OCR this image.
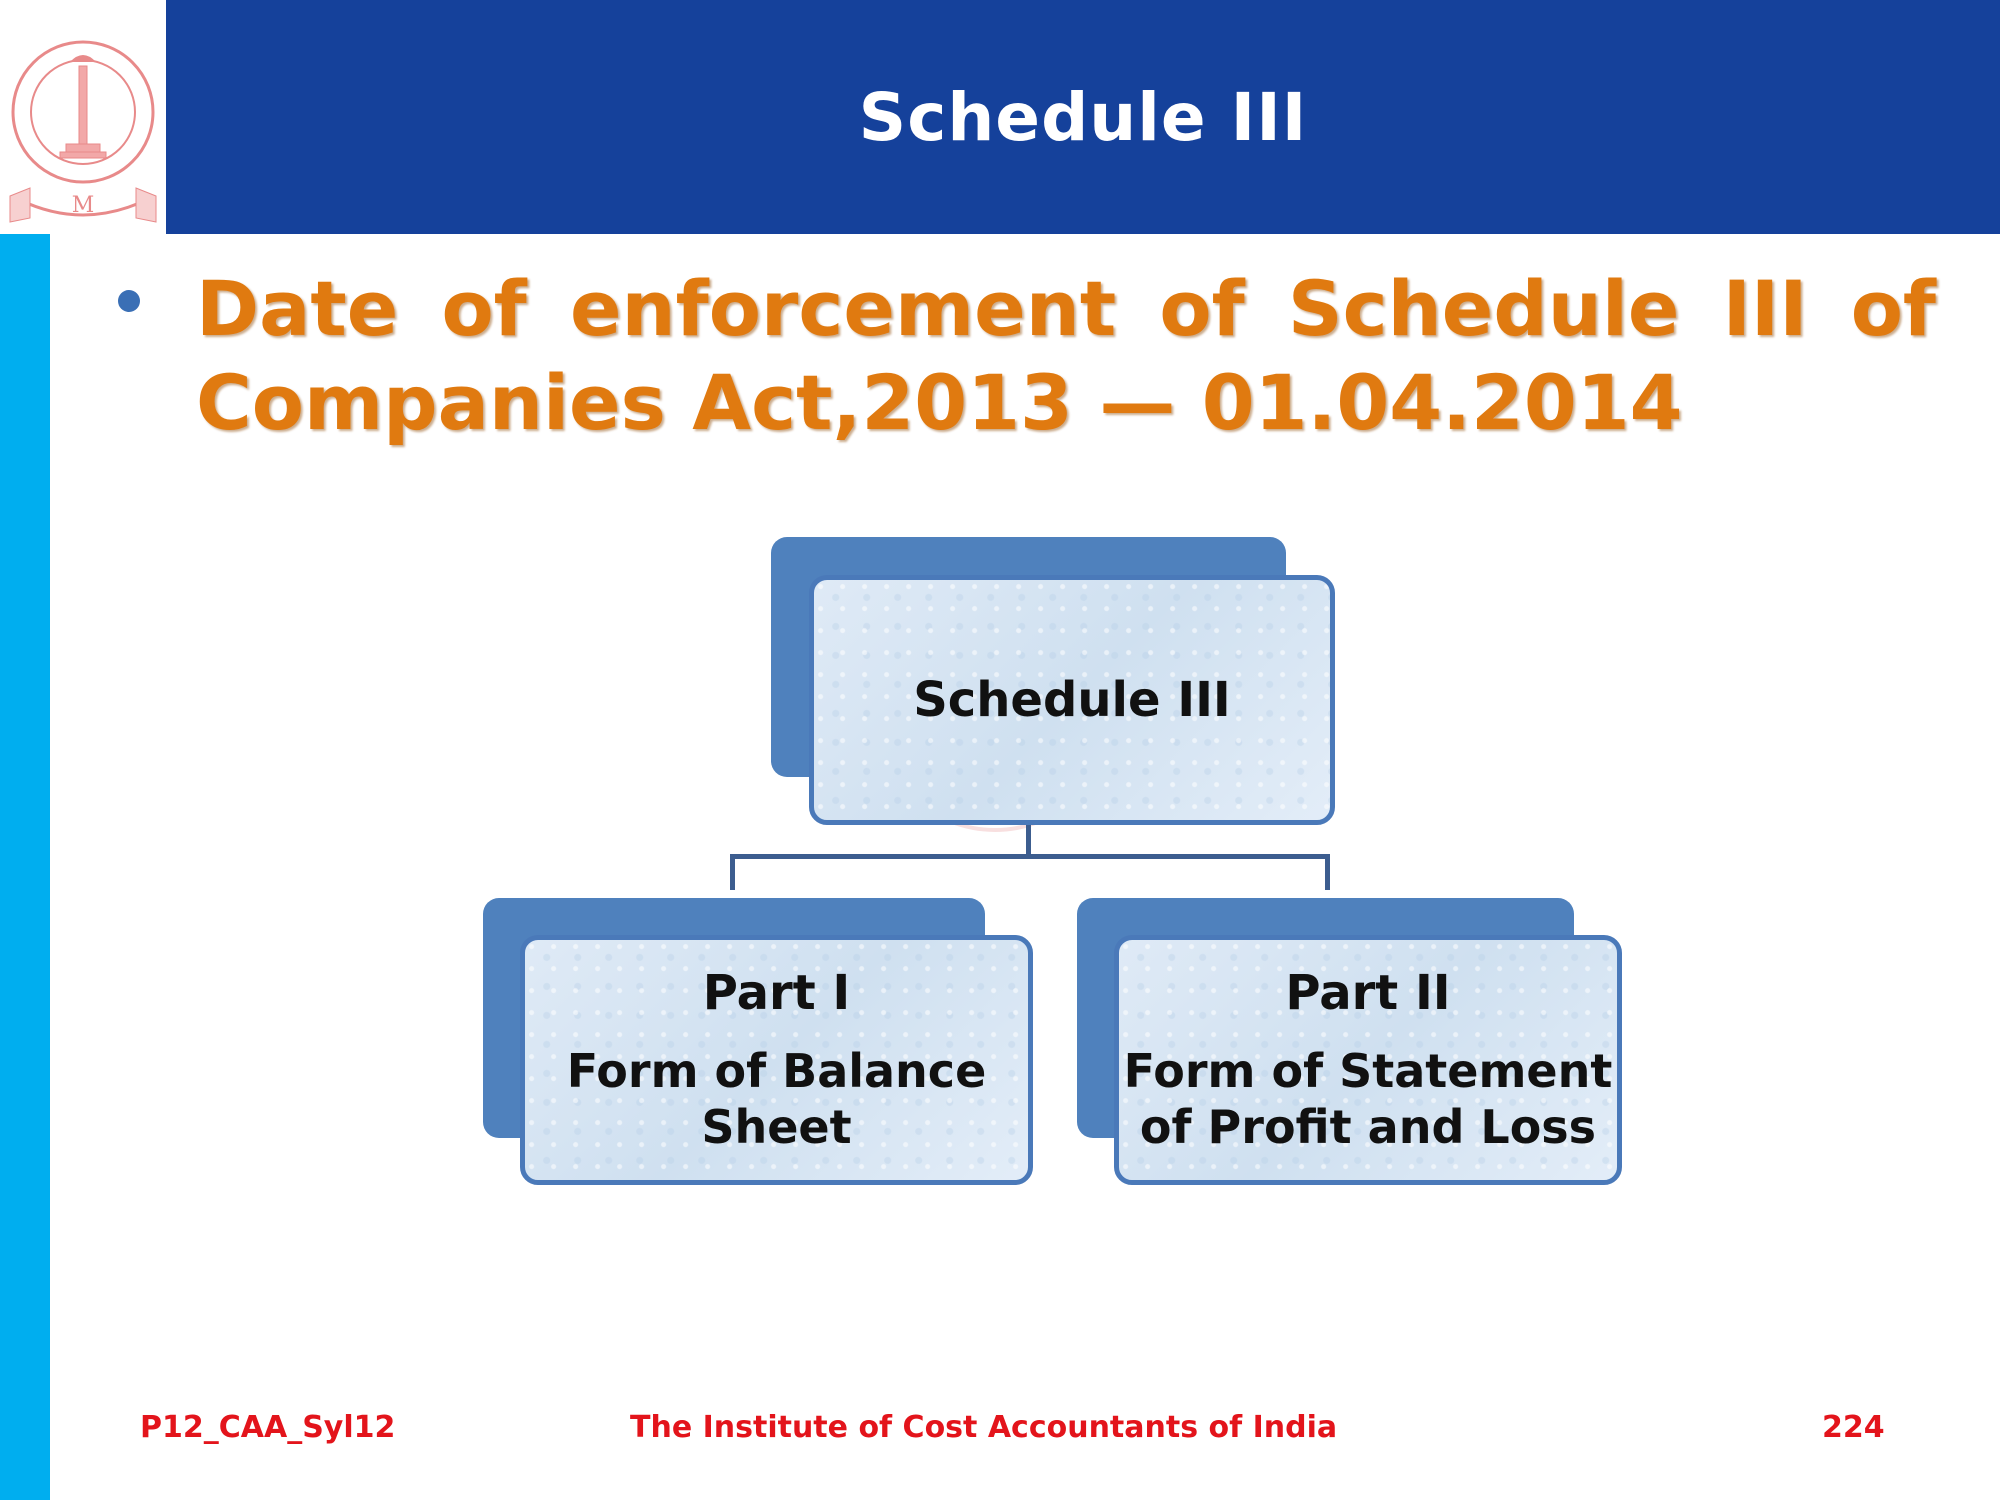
Schedule III
M
Date of enforcement of Schedule III of
Companies Act,2013 — 01.04.2014
Schedule III
Part I
Form of Balance
Sheet
Part II
Form of Statement
of Profit and Loss
P12_CAA_Syl12	The Institute of Cost Accountants of India	224
